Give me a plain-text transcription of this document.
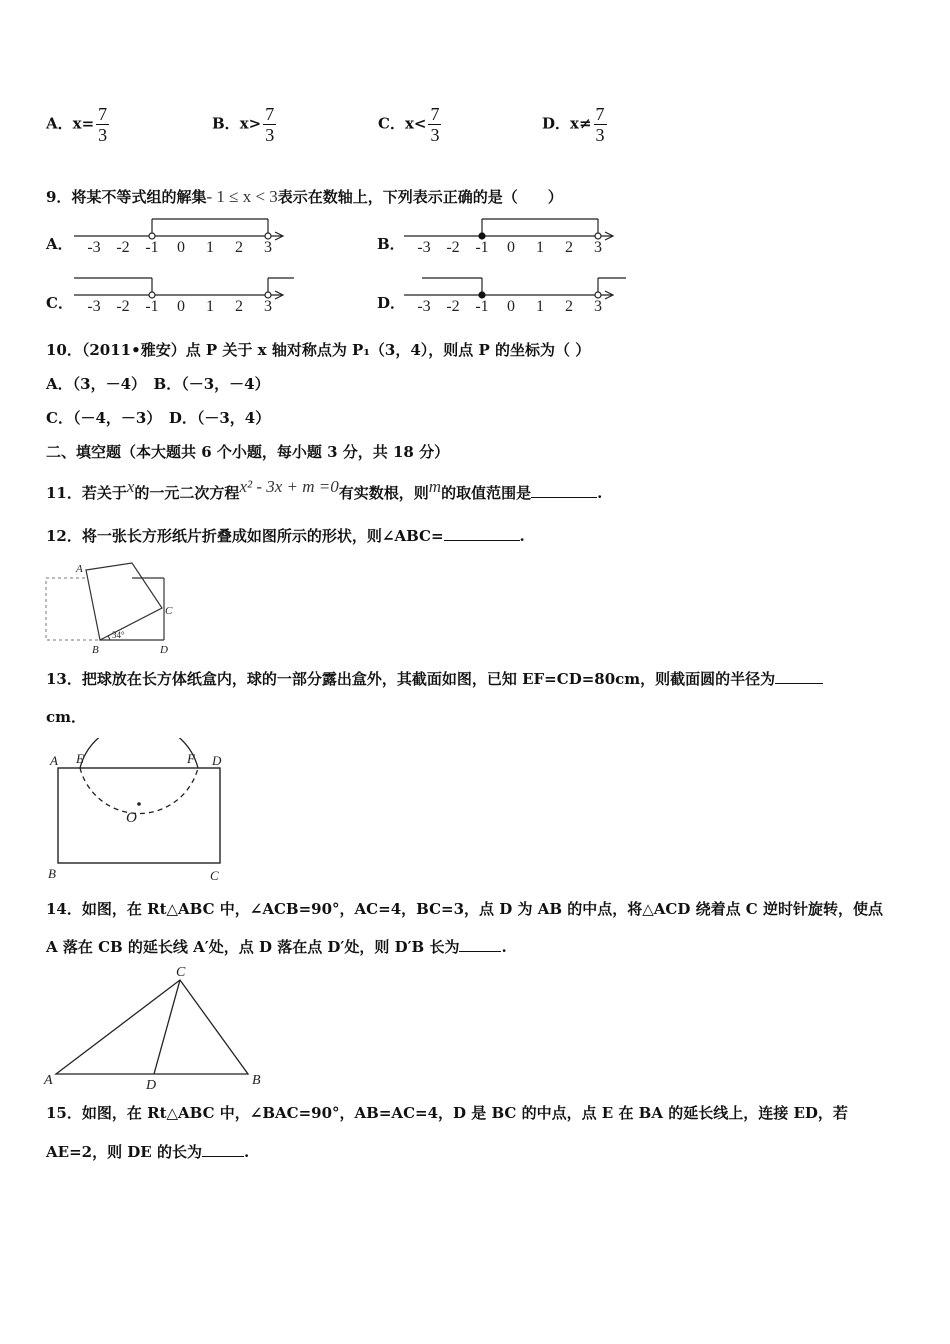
A．$x= \frac{7}{3}$	B．$x> \frac{7}{3}$	C．$x< \frac{7}{3}$	D．$x\ne \frac{7}{3}$
9．将某不等式组的解集- 1 ≤ x < 3表示在数轴上，下列表示正确的是（　　）
A．	B．
C．	D．
-3 -2 -1 0 1 2 3	-3 -2 -1 0 1 2 3
-3 -2 -1 0 1 2 3	-3 -2 -1 0 1 2 3
10．（2011•雅安）点 P 关于 x 轴对称点为 P₁（3，4），则点 P 的坐标为（ ）
A．（3，－4）　B．（－3，－4）
C．（－4，－3）　D．（－3，4）
二、填空题（本大题共 6 个小题，每小题 3 分，共 18 分）
11．若关于x的一元二次方程x² - 3x + m =0有实数根，则m的取值范围是	.
12．将一张长方形纸片折叠成如图所示的形状，则∠ABC=	.
A
C
B	D
34°
13．把球放在长方体纸盒内，球的一部分露出盒外，其截面如图，已知 EF=CD=80cm，则截面圆的半径为
cm．
A E	F D
O
B	C
14．如图，在 Rt△ABC 中，∠ACB=90°，AC=4，BC=3，点 D 为 AB 的中点，将△ACD 绕着点 C 逆时针旋转，使点
A 落在 CB 的延长线 A′处，点 D 落在点 D′处，则 D′B 长为	.
C
A	D	B
15．如图，在 Rt△ABC 中，∠BAC=90°，AB=AC=4，D 是 BC 的中点，点 E 在 BA 的延长线上，连接 ED，若
AE=2，则 DE 的长为	.
